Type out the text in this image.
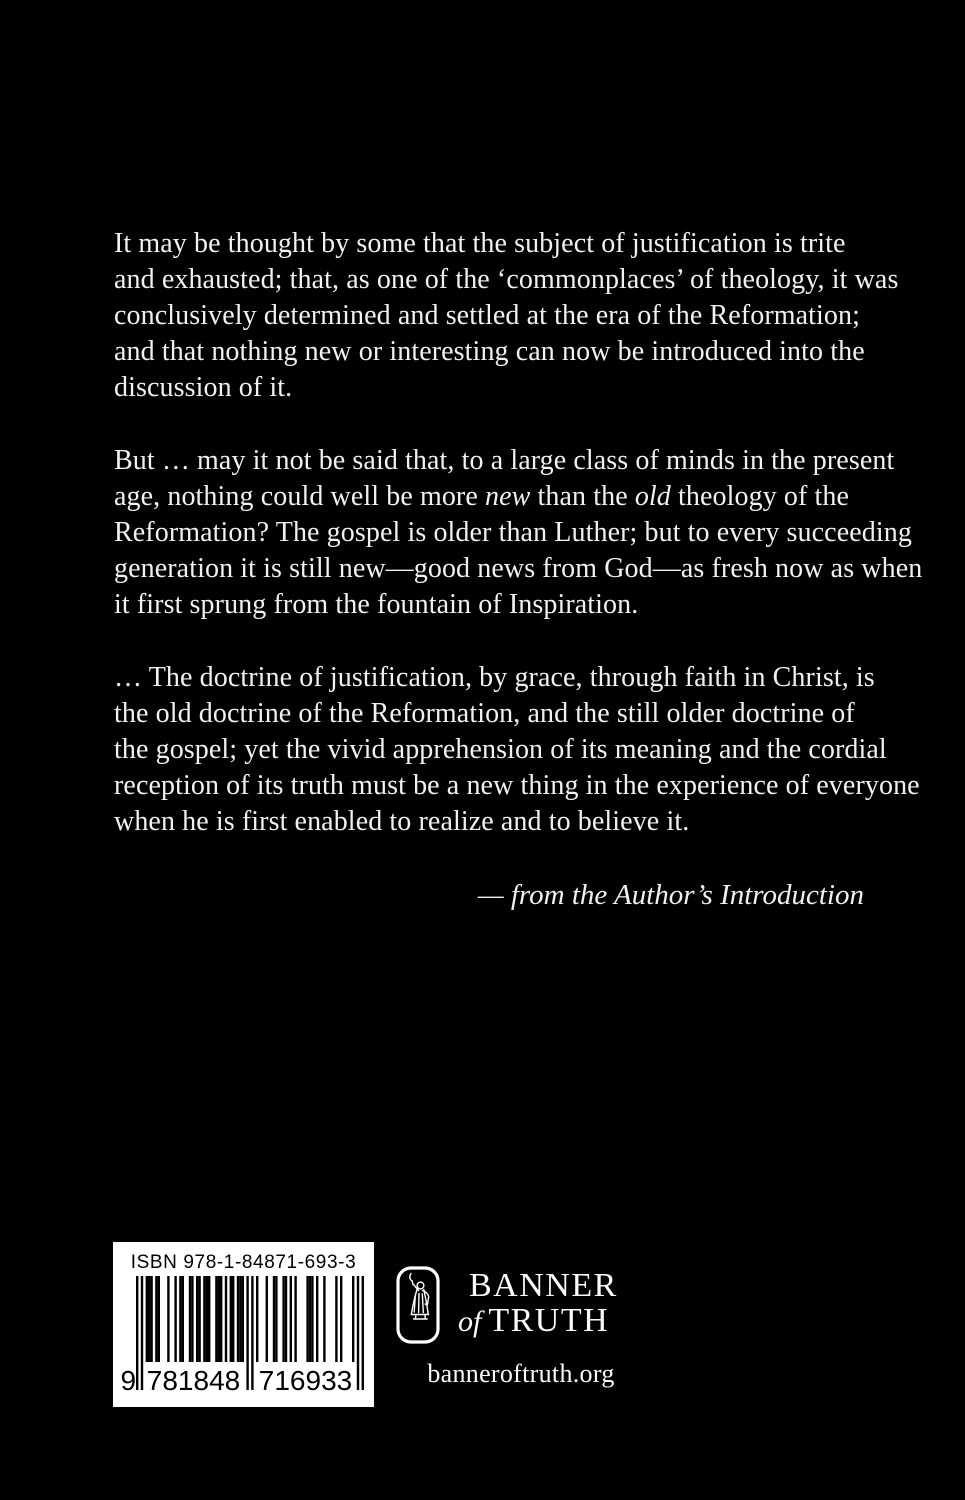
It may be thought by some that the subject of justification is trite
and exhausted; that, as one of the ‘commonplaces’ of theology, it was
conclusively determined and settled at the era of the Reformation;
and that nothing new or interesting can now be introduced into the
discussion of it.
But … may it not be said that, to a large class of minds in the present
age, nothing could well be more new than the old theology of the
Reformation? The gospel is older than Luther; but to every succeeding
generation it is still new—good news from God—as fresh now as when
it first sprung from the fountain of Inspiration.
… The doctrine of justification, by grace, through faith in Christ, is
the old doctrine of the Reformation, and the still older doctrine of
the gospel; yet the vivid apprehension of its meaning and the cordial
reception of its truth must be a new thing in the experience of everyone
when he is first enabled to realize and to believe it.
— from the Author’s Introduction
ISBN 978-1-84871-693-3
9 781848 716933
BANNER
of TRUTH
banneroftruth.org
